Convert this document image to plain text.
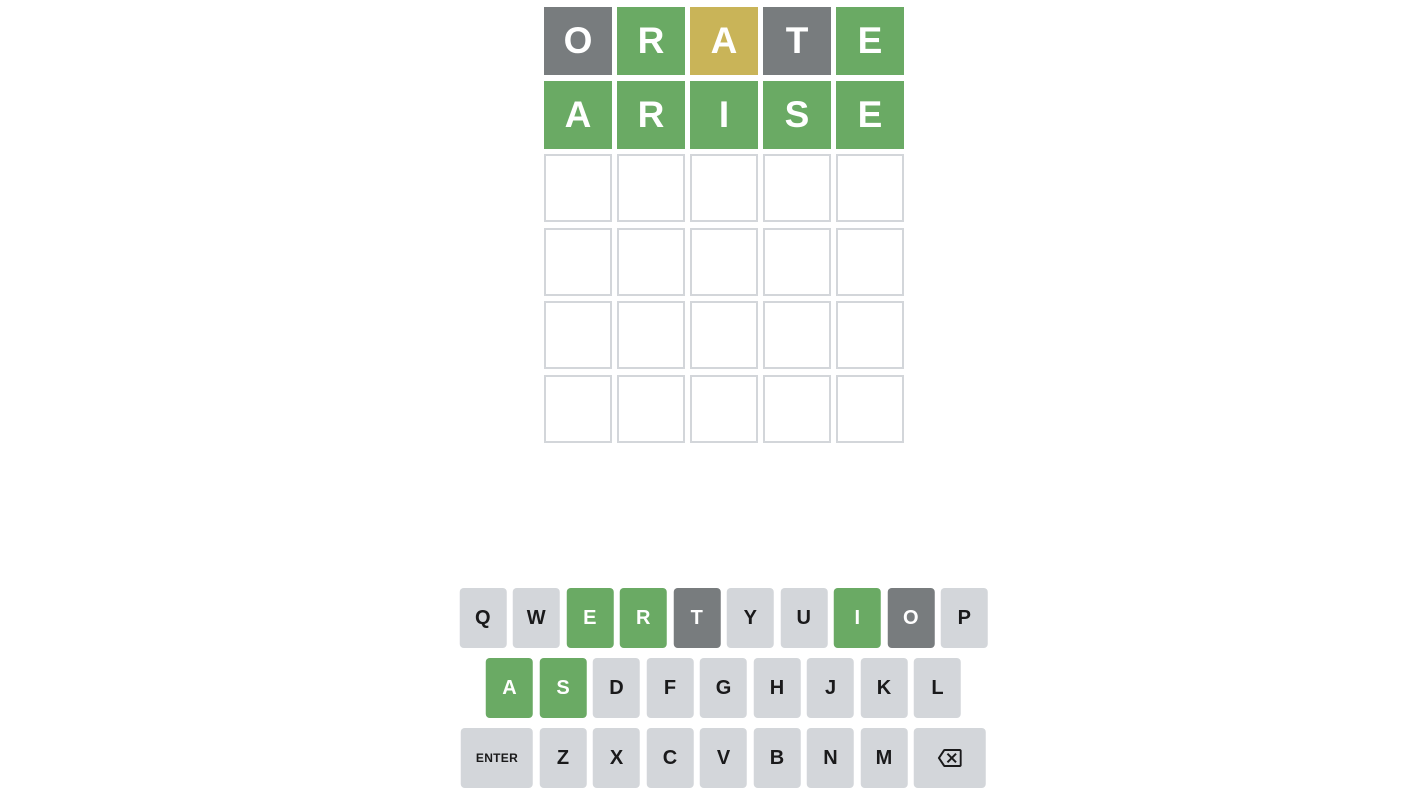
O	R	A	T	E
A	R	I	S	E
Q	W	E	R	T	Y	U	I	O	P
A	S	D	F	G	H	J	K	L
ENTER	Z	X	C	V	B	N	M
